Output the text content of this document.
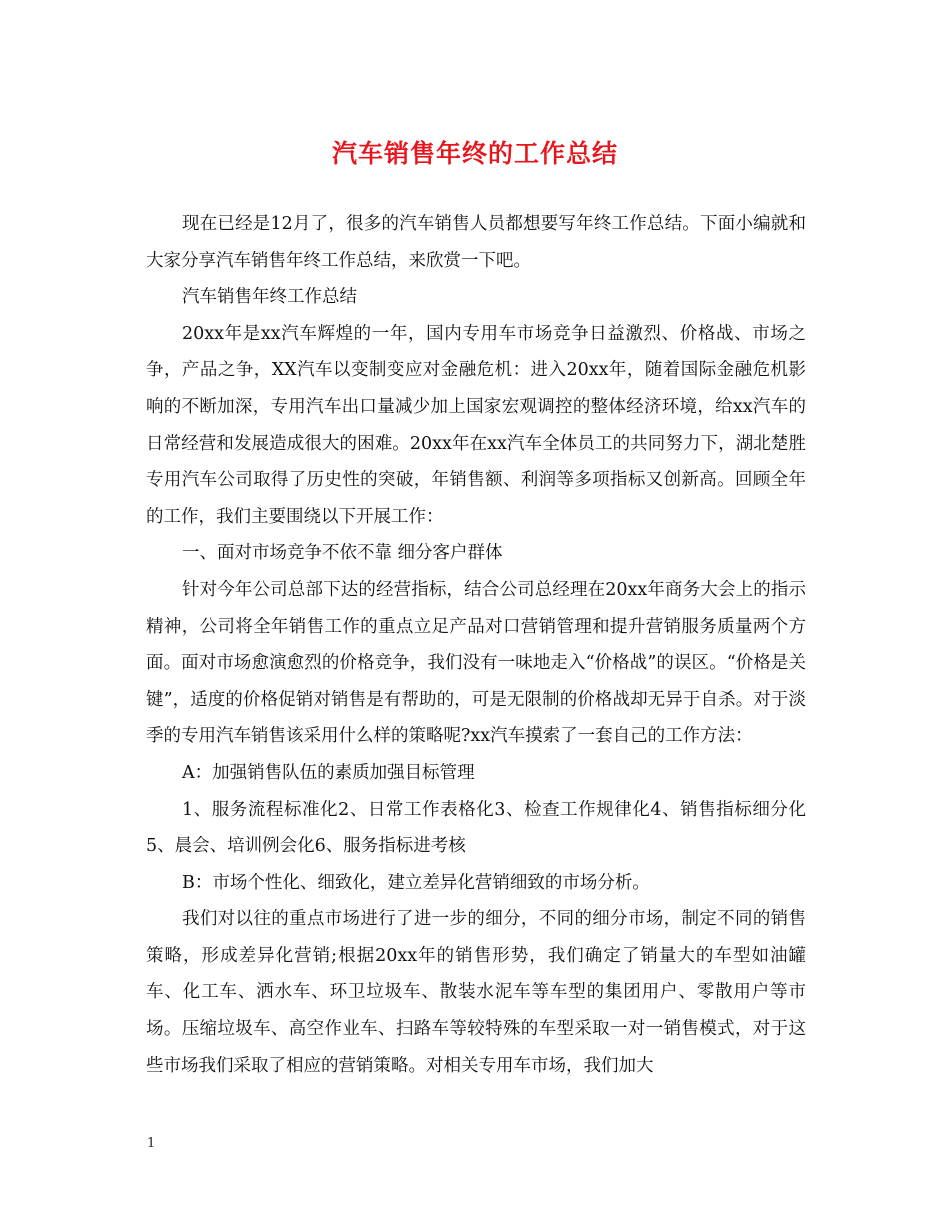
汽车销售年终的工作总结

现在已经是12月了，很多的汽车销售人员都想要写年终工作总结。下面小编就和大家分享汽车销售年终工作总结，来欣赏一下吧。

汽车销售年终工作总结

20xx年是xx汽车辉煌的一年，国内专用车市场竞争日益激烈、价格战、市场之争，产品之争，XX汽车以变制变应对金融危机：进入20xx年，随着国际金融危机影响的不断加深，专用汽车出口量减少加上国家宏观调控的整体经济环境，给xx汽车的日常经营和发展造成很大的困难。20xx年在xx汽车全体员工的共同努力下，湖北楚胜专用汽车公司取得了历史性的突破，年销售额、利润等多项指标又创新高。回顾全年的工作，我们主要围绕以下开展工作：

一、面对市场竞争不依不靠 细分客户群体

针对今年公司总部下达的经营指标，结合公司总经理在20xx年商务大会上的指示精神，公司将全年销售工作的重点立足产品对口营销管理和提升营销服务质量两个方面。面对市场愈演愈烈的价格竞争，我们没有一味地走入“价格战”的误区。“价格是关键”，适度的价格促销对销售是有帮助的，可是无限制的价格战却无异于自杀。对于淡季的专用汽车销售该采用什么样的策略呢?xx汽车摸索了一套自己的工作方法：

A：加强销售队伍的素质加强目标管理

1、服务流程标准化2、日常工作表格化3、检查工作规律化4、销售指标细分化5、晨会、培训例会化6、服务指标进考核

B：市场个性化、细致化，建立差异化营销细致的市场分析。

我们对以往的重点市场进行了进一步的细分，不同的细分市场，制定不同的销售策略，形成差异化营销;根据20xx年的销售形势，我们确定了销量大的车型如油罐车、化工车、洒水车、环卫垃圾车、散装水泥车等车型的集团用户、零散用户等市场。压缩垃圾车、高空作业车、扫路车等较特殊的车型采取一对一销售模式，对于这些市场我们采取了相应的营销策略。对相关专用车市场，我们加大

1
